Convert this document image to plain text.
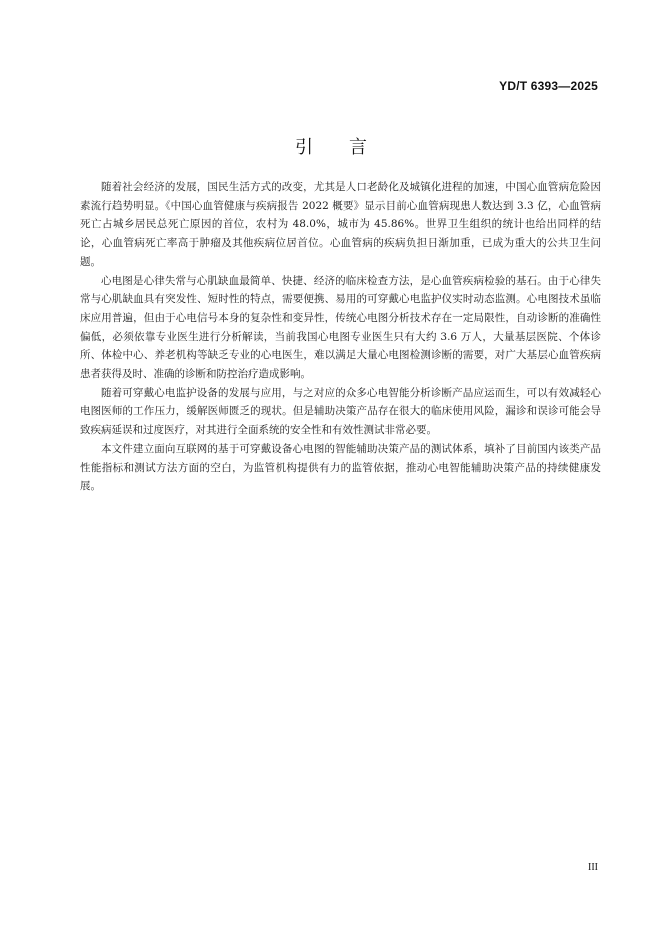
YD/T 6393—2025
引言

随着社会经济的发展，国民生活方式的改变，尤其是人口老龄化及城镇化进程的加速，中国心血管病危险因素流行趋势明显。《中国心血管健康与疾病报告 2022 概要》显示目前心血管病现患人数达到 3.3 亿，心血管病死亡占城乡居民总死亡原因的首位，农村为 48.0%，城市为 45.86%。世界卫生组织的统计也给出同样的结论，心血管病死亡率高于肿瘤及其他疾病位居首位。心血管病的疾病负担日渐加重，已成为重大的公共卫生问题。

心电图是心律失常与心肌缺血最简单、快捷、经济的临床检查方法，是心血管疾病检验的基石。由于心律失常与心肌缺血具有突发性、短时性的特点，需要便携、易用的可穿戴心电监护仪实时动态监测。心电图技术虽临床应用普遍，但由于心电信号本身的复杂性和变异性，传统心电图分析技术存在一定局限性，自动诊断的准确性偏低，必须依靠专业医生进行分析解读，当前我国心电图专业医生只有大约 3.6 万人，大量基层医院、个体诊所、体检中心、养老机构等缺乏专业的心电医生，难以满足大量心电图检测诊断的需要，对广大基层心血管疾病患者获得及时、准确的诊断和防控治疗造成影响。

随着可穿戴心电监护设备的发展与应用，与之对应的众多心电智能分析诊断产品应运而生，可以有效减轻心电图医师的工作压力，缓解医师匮乏的现状。但是辅助决策产品存在很大的临床使用风险，漏诊和误诊可能会导致疾病延误和过度医疗，对其进行全面系统的安全性和有效性测试非常必要。

本文件建立面向互联网的基于可穿戴设备心电图的智能辅助决策产品的测试体系，填补了目前国内该类产品性能指标和测试方法方面的空白，为监管机构提供有力的监管依据，推动心电智能辅助决策产品的持续健康发展。

III
